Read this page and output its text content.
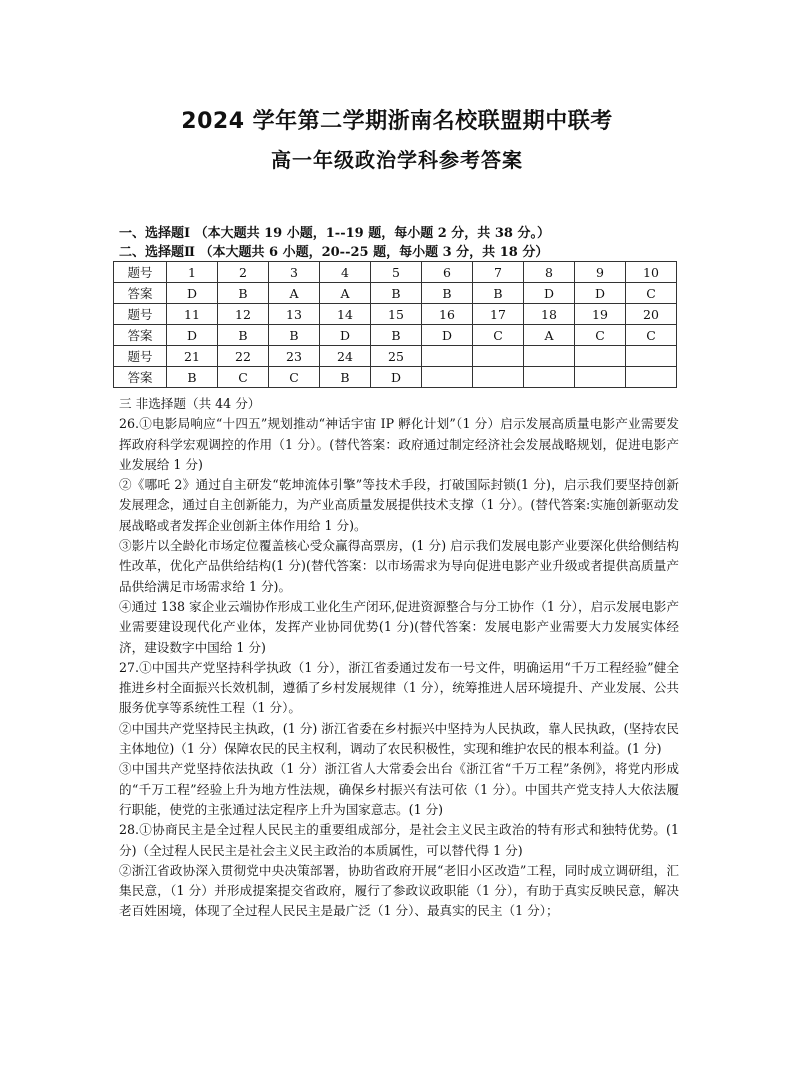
2024 学年第二学期浙南名校联盟期中联考
高一年级政治学科参考答案
一、选择题Ⅰ （本大题共 19 小题，1--19 题，每小题 2 分，共 38 分。）
二、选择题Ⅱ （本大题共 6 小题，20--25 题，每小题 3 分，共 18 分）
题号	1	2	3	4	5	6	7	8	9	10
答案	D	B	A	A	B	B	B	D	D	C
题号	11	12	13	14	15	16	17	18	19	20
答案	D	B	B	D	B	D	C	A	C	C
题号	21	22	23	24	25					
答案	B	C	C	B	D					

三 非选择题（共 44 分）

26.①电影局响应“十四五”规划推动“神话宇宙 IP 孵化计划”（1 分）启示发展高质量电影产业需要发挥政府科学宏观调控的作用（1 分）。(替代答案：政府通过制定经济社会发展战略规划，促进电影产业发展给 1 分)

②《哪吒 2》通过自主研发“乾坤流体引擎”等技术手段，打破国际封锁(1 分)，启示我们要坚持创新发展理念，通过自主创新能力，为产业高质量发展提供技术支撑（1 分）。(替代答案:实施创新驱动发展战略或者发挥企业创新主体作用给 1 分)。

③影片以全龄化市场定位覆盖核心受众赢得高票房，(1 分) 启示我们发展电影产业要深化供给侧结构性改革，优化产品供给结构(1 分)(替代答案：以市场需求为导向促进电影产业升级或者提供高质量产品供给满足市场需求给 1 分)。

④通过 138 家企业云端协作形成工业化生产闭环,促进资源整合与分工协作（1 分），启示发展电影产业需要建设现代化产业体，发挥产业协同优势(1 分)(替代答案：发展电影产业需要大力发展实体经济，建设数字中国给 1 分)

27.①中国共产党坚持科学执政（1 分），浙江省委通过发布一号文件，明确运用“千万工程经验”健全推进乡村全面振兴长效机制，遵循了乡村发展规律（1 分），统筹推进人居环境提升、产业发展、公共服务优享等系统性工程（1 分）。

②中国共产党坚持民主执政，(1 分) 浙江省委在乡村振兴中坚持为人民执政，靠人民执政，(坚持农民主体地位)（1 分）保障农民的民主权利，调动了农民积极性，实现和维护农民的根本利益。(1 分)

③中国共产党坚持依法执政（1 分）浙江省人大常委会出台《浙江省“千万工程”条例》，将党内形成的“千万工程”经验上升为地方性法规，确保乡村振兴有法可依（1 分）。中国共产党支持人大依法履行职能，使党的主张通过法定程序上升为国家意志。(1 分)

28.①协商民主是全过程人民民主的重要组成部分，是社会主义民主政治的特有形式和独特优势。(1 分)（全过程人民民主是社会主义民主政治的本质属性，可以替代得 1 分)

②浙江省政协深入贯彻党中央决策部署，协助省政府开展“老旧小区改造”工程，同时成立调研组，汇集民意，（1 分）并形成提案提交省政府，履行了参政议政职能（1 分），有助于真实反映民意，解决老百姓困境，体现了全过程人民民主是最广泛（1 分）、最真实的民主（1 分）；
